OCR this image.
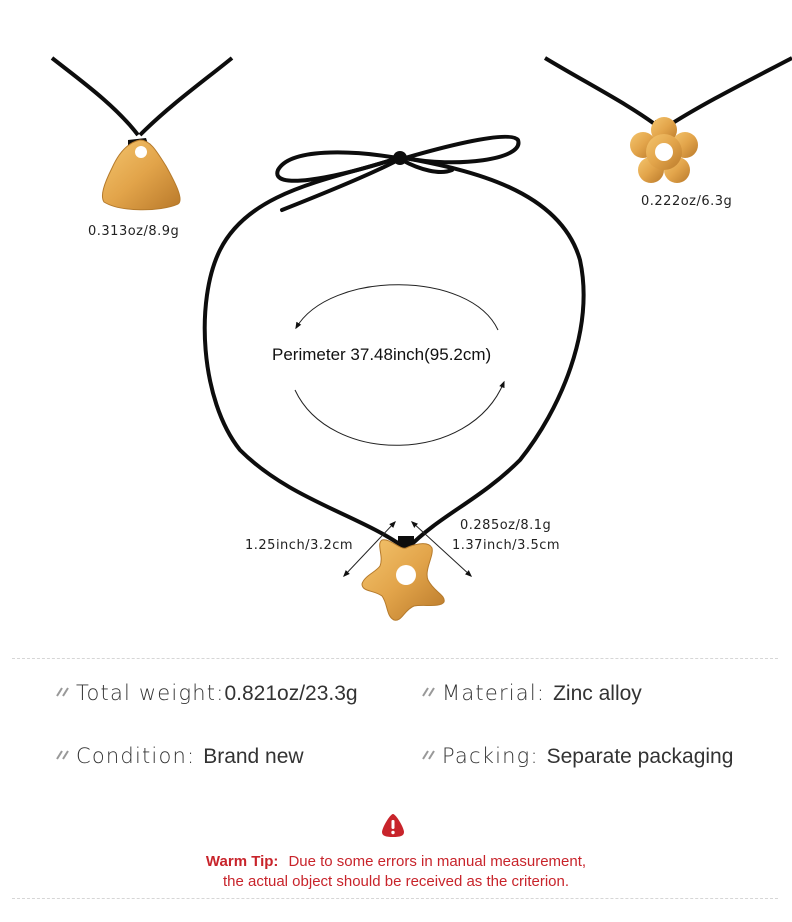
0.313oz/8.9g
0.222oz/6.3g
0.285oz/8.1g
1.25inch/3.2cm	1.37inch/3.5cm
Perimeter 37.48inch(95.2cm)
Total weight:0.821oz/23.3g	Material: Zinc alloy
Condition: Brand new	Packing: Separate packaging
Warm Tip: Due to some errors in manual measurement,
the actual object should be received as the criterion.
